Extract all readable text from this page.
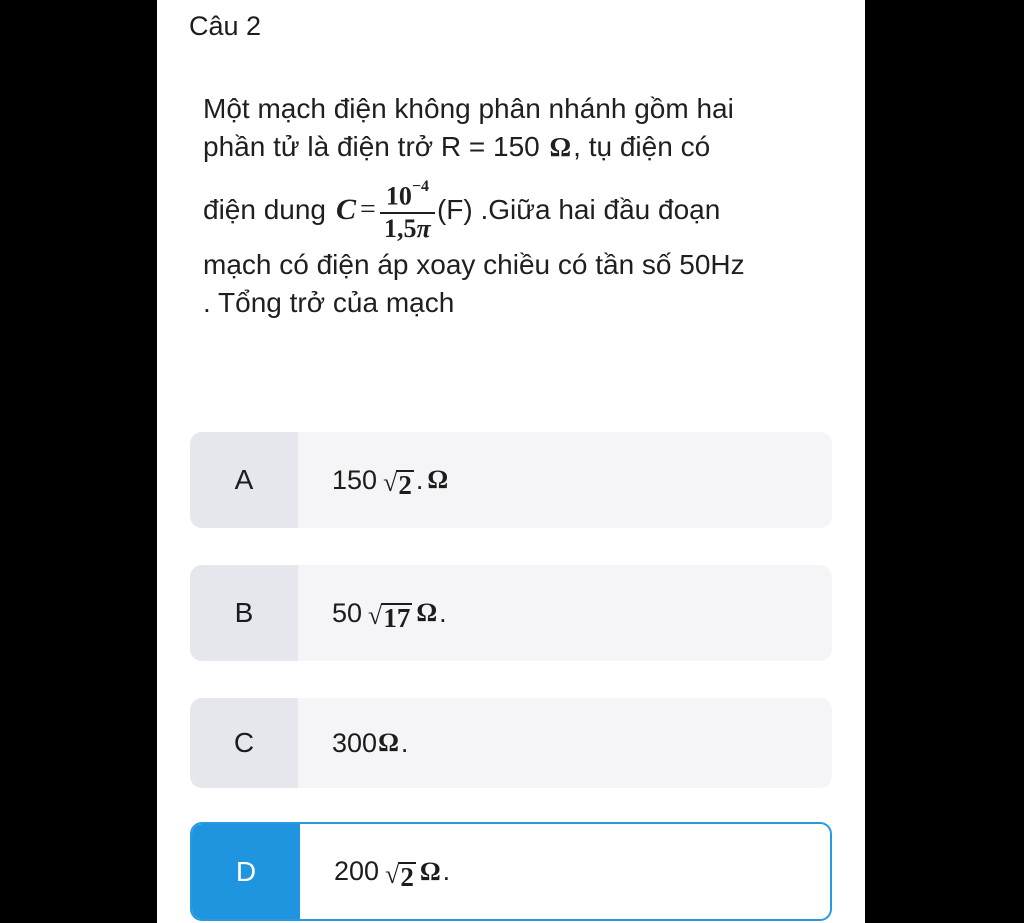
Câu 2
Một mạch điện không phân nhánh gồm hai
phần tử là điện trở R = 150 Ω, tụ điện có
điện dung $C = \frac{10^{-4}}{1,5\pi} (F)$ .Giữa hai đầu đoạn
mạch có điện áp xoay chiều có tần số 50Hz
. Tổng trở của mạch
A	150 √ 2 . Ω
B	50 √ 17 Ω .
C	300 Ω .
D	200 √ 2 Ω .
